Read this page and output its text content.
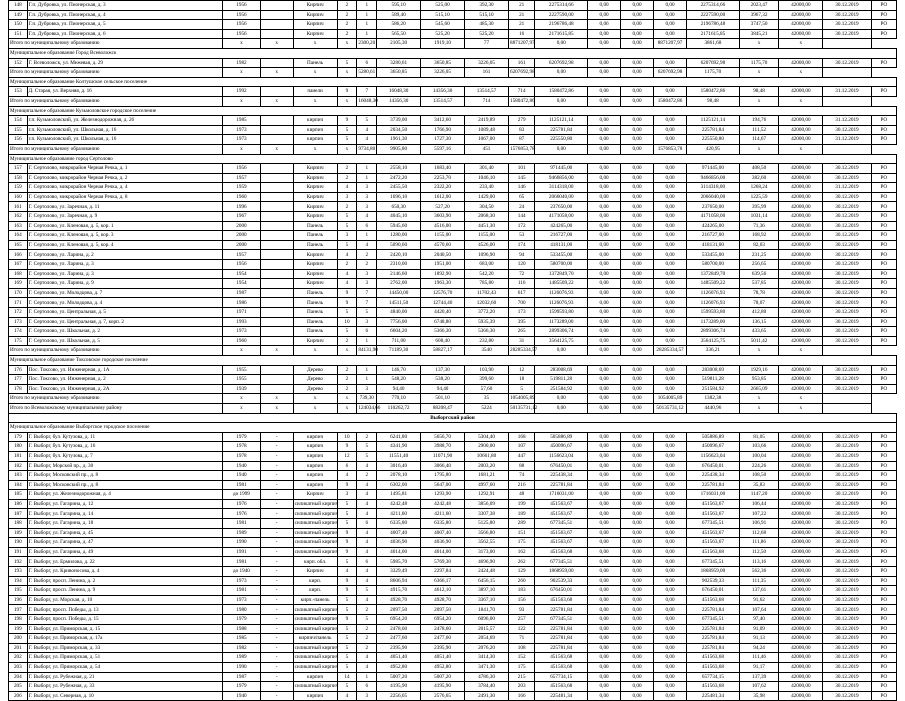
148	Г.п. Дубровка, ул. Пионерская, д. 3	1956		Кирпич	2	1	595,10	525,00	392,30	21	2275314,66	0,00	0,00	0,00	2275314,66	2023,47	42000,00	30.12.2019	РО
149	Г.п. Дубровка, ул. Пионерская, д. 4	1956		Кирпич	2	1	589,40	515,10	515,10	21	2227590,00	0,00	0,00	0,00	2227590,00	3967,32	42000,00	30.12.2019	РО
150	Г.п. Дубровка, ул. Пионерская, д. 5	1956		Кирпич	2	1	586,20	545,60	485,30	21	2196786,48	0,06	0,00	0,00	2196786,48	3747,50	42000,00	30.12.2019	РО
151	Г.п. Дубровка, ул. Пионерская, д. 6	1956		Кирпич	2	1	565,50	525,20	525,20	16	2171615,85	0,00	0,00	0,00	2171615,85	3845,21	42000,00	30.12.2019	РО
Итого по муниципальному образованию		x	x	x	x	2300,20	2105,30	1919,10	77	8871207,97	0,00	0,00	0,00	8871207,97	3861,68	x	x		
Муниципальное образование Город Всеволожск																			
152	Г. Всеволожск, ул. Межевая, д. 29	1982		Панель	5	6	3280,61	3650,85	3226,05	161	6207692,98	0,00	0,00	0,00	6207692,98	1175,70	42000,00	30.12.2019	РО
Итого по муниципальному образованию		x	x	x	x	5280,61	3650,85	3226,05	161	6207692,98	0,00	0,00	0,00	6207692,98	1175,70	x	x		
Муниципальное образование Колтушское сельское поселение																			
153	Д. Старая, ул. Верхняя, д. 16	1992		панели	9	7	16048,30	14356,30	13514,57	714	1580472,86	0,00	0,00	0,00	1580472,86	98,48	42000,00	31.12.2019	РО
Итого по муниципальному образованию		x	x	x	x	16048,30	14356,30	13514,57	714	1580472,86	0,00	0,00	0,00	1580472,86	98,48	x	x		
Муниципальное образование Кузьмоловское городское поселение																			
154	г.п. Кузьмоловский, ул. Железнодорожная, д. 26	1985		кирпич	9	5	3739,00	3412,60	2419,89	279	1125121,14	0,00	0,00	0,00	1125121,14	194,76	42000,00	31.12.2019	РО
155	г.п. Кузьмоловский, ул. Школьная, д. 16	1973		кирпич	5	4	2034,50	1766,90	1089,48	83	225781,84	0,00	0,00	0,00	225781,84	111,52	42000,00	30.12.2019	РО
156	г.п. Кузьмоловский, ул. Школьная, д. 16	1973		кирпич	5	4	1961,30	1727,30	1067,00	87	225550,80	0,00	0,00	0,00	225550,80	114,67	42000,00	31.12.2019	РО
Итого по муниципальному образованию		x	x	x	x	9734,80	9905,80	5597,16	451	1576853,78	0,00	0,00	0,00	1576853,78	420,95	x	x		
Муниципальное образование город Сертолово																			
157	Г. Сертолово, микрорайон Черная Речка, д. 1	1956		Кирпич	2	1	2558,10	1683,40	301,40	101	971445,00	0,00	0,00	0,00	971445,00	408,50	42000,00	30.12.2019	РО
158	Г. Сертолово, микрорайон Черная Речка, д. 2	1957		Кирпич	2	1	2472,20	2253,70	1046,10	145	9466856,00	0,00	0,00	0,00	9466856,00	382,60	42000,00	30.12.2019	РО
159	Г. Сертолово, микрорайон Черная Речка, д. 4	1959		Кирпич	4	3	2455,50	2322,20	233,40	146	3114318,00	0,00	0,00	0,00	3114318,00	1268,24	42000,00	31.12.2019	РО
160	Г. Сертолово, микрорайон Черная Речка, д. 8	1960		Кирпич	3	3	1696,10	1612,00	1429,00	65	2066040,00	0,00	0,00	0,00	2066040,00	1225,59	42000,00	30.12.2019	РО
161	Г. Сертолово, ул. Заречная, д. 11	1996		Кирпич	2	3	650,30	527,20	304,50	24	237650,00	0,00	0,00	0,00	237650,00	395,99	42000,00	30.12.2019	РО
162	Г. Сертолово, ул. Заречная, д. 9	1967		Кирпич	5	4	4045,10	3603,90	2068,30	144	4171058,00	0,00	0,00	0,00	4171058,00	1031,14	42000,00	30.12.2019	РО
163	Г. Сертолово, ул. Кленовая, д. 5, кор. 1	2000		Панель	5	6	5945,60	4516,00	4451,30	172	424265,00	0,00	0,00	0,00	424265,00	71,36	42000,00	30.12.2019	РО
164	Г. Сертолово, ул. Кленовая, д. 5, кор. 3	2000		Панель	3	1	1280,00	1155,00	1155,00	53	216727,00	0,00	0,00	0,00	216727,00	168,92	42000,00	30.12.2019	РО
165	Г. Сертолово, ул. Кленовая, д. 5, кор. 4	2000		Панель	5	4	5090,60	4570,60	4526,00	174	418131,00	0,00	0,00	0,00	418131,00	82,03	42000,00	30.12.2019	РО
166	Г. Сертолово, ул. Ларина, д. 2	1957		Кирпич	4	2	2420,10	2040,50	1096,90	94	533455,00	0,00	0,00	0,00	533455,00	231,25	42000,00	30.12.2019	РО
167	Г. Сертолово, ул. Ларина, д. 3	1956		Кирпич	2	2	2310,00	1951,00	683,00	120	580700,00	0,00	0,00	0,00	580700,00	256,65	42000,00	30.12.2019	РО
168	Г. Сертолово, ул. Ларина, д. 3	1954		Кирпич	4	3	2146,60	1892,90	542,20	72	1372849,70	0,00	0,00	0,00	1372849,70	639,56	42000,00	30.12.2019	РО
169	Г. Сертолово, ул. Ларина, д. 9	1954		Кирпич	4	3	2762,00	1963,30	785,80	116	1485509,22	0,00	0,00	0,00	1485509,22	537,85	42000,00	30.12.2019	РО
170	Г. Сертолово, ул. Молодцова, д. 7	1987		Панель	9	7	14450,00	12576,70	11702,43	617	1126076,93	0,00	0,00	0,00	1126076,93	78,78	42000,00	30.12.2019	РО
171	Г. Сертолово, ул. Молодцова, д. 4	1986		Панель	9	7	14511,50	12744,40	12032,60	700	1126076,93	0,00	0,00	0,00	1126076,93	78,07	42000,00	30.12.2019	РО
172	Г. Сертолово, ул. Центральная, д. 5	1971		Панель	5	5	4840,00	4420,40	3772,20	173	1599593,80	0,00	0,00	0,00	1599593,80	412,80	42000,00	30.12.2019	РО
173	Г. Сертолово, ул. Центральная, д. 7, корп. 2	1993		Панель	10	3	7756,00	6748,80	5935,39	395	1173289,00	0,00	0,00	0,00	1173289,00	136,15	42000,00	30.12.2019	РО
174	Г. Сертолово, ул. Школьная, д. 2	1973		Панель	5	6	6604,20	5366,30	5366,30	265	2899306,74	0,00	0,00	0,00	2899306,74	433,65	42000,00	30.12.2019	РО
175	Г. Сертолово, ул. Школьная, д. 5	1960		Кирпич	2	1	711,00	608,40	232,80	31	3564125,75	0,00	0,00	0,00	3564125,75	5011,42	42000,00	30.12.2019	РО
Итого по муниципальному образованию		x	x	x	x	84131,90	71189,30	58827,17	3540	28285334,57	0,00	0,00	0,00	28285334,57	336,21	x	x		
Муниципальное образование Токсовское городское поселение																			
176	Пос. Токсово, ул. Инженерная, д. 1А	1955		Дерево	2	1	146,70	137,30	103,90	12	283008,69	0,00	0,00	0,00	283008,69	1929,16	42000,00	30.12.2019	РО
177	Пос. Токсово, ул. Инженерная, д. 2	1955		Дерево	2	1	548,20	538,20	399,60	18	519811,28	0,00	0,00	0,00	519811,28	953,85	42000,00	30.12.2019	РО
178	Пос. Токсово, ул. Инженерная, д. 2А	1939		Дерево	2	3	94,40	94,40	57,60	5	251584,92	0,00	0,00	0,00	251584,92	2665,09	42000,00	30.12.2019	РО
Итого по муниципальному образованию		x	x	x	x	739,30	770,10	501,10	35	1054005,89	0,00	0,00	0,00	1054005,89	1382,38	x	x		
Итого по Всеволожскому муниципальному району		x	x	x	x	124034,66	110262,72	88208,47	5224	50135731,12	0,00	0,00	0,00	50135731,12	4440,96	x	x		
Выборгский район																			
Муниципальное образование Выборгское городское поселение																			
179	Г. Выборг, бул. Кутузова, д. 11	1979	-	кирпич	10	2	6241,80	5656,70	5304,40	168	505886,89	0,00	0,00	0,00	505886,89	81,05	42000,00	30.12.2019	РО
180	Г. Выборг, бул. Кутузова, д. 16	1978	-	кирпич	9	5	4341,90	3988,70	2900,00	107	450096,67	0,00	0,00	0,00	450096,67	103,66	42000,00	30.12.2019	РО
181	Г. Выборг, бул. Кутузова, д. 7	1978	-	кирпич	12	5	11551,40	11071,90	10661,80	447	1156623,04	0,00	0,00	0,00	1156623,04	100,04	42000,00	30.12.2019	РО
182	Г. Выборг, Морской пр., д. 30	1940	-	кирпич	6	4	3016,40	3066,40	2003,20	88	676450,01	0,00	0,00	0,00	676450,01	224,26	42000,00	30.12.2019	РО
183	Г. Выборг, Московский пр., д. 8	1940	-	кирпич	4	2	2078,10	1795,80	1681,21	74	225438,34	0,00	0,00	0,00	225438,34	108,50	42000,00	30.12.2019	РО
184	Г. Выборг, Московский пр., д. 8	1981	-	кирпич	9	4	6302,00	5647,00	4997,60	216	225781,84	0,00	0,00	0,00	225781,84	35,83	42000,00	30.12.2019	РО
185	Г. Выборг, ул. Железнодорожная, д. 4	до 1999	-	Кирпич	3	4	1495,81	1293,90	1292,91	48	1716031,00	0,00	0,00	0,00	1716031,00	1147,20	42000,00	30.12.2019	РО
186	Г. Выборг, ул. Гагарина, д. 12	1976	-	силикатный кирпич	5	4	4242,48	4242,48	3856,09	199	451563,67	0,00	0,00	0,00	451563,67	106,44	42000,00	30.12.2019	РО
187	Г. Выборг, ул. Гагарина, д. 14	1976	-	силикатный кирпич	5	4	4211,60	4211,60	3307,38	189	451563,67	0,00	0,00	0,00	451563,67	107,22	42000,00	30.12.2019	РО
188	Г. Выборг, ул. Гагарина, д. 18	1981	-	силикатный кирпич	5	6	6335,80	6335,80	5125,80	289	677345,51	0,00	0,00	0,00	677345,51	106,91	42000,00	30.12.2019	РО
189	Г. Выборг, ул. Гагарина, д. 45	1989	-	силикатный кирпич	9	4	4007,40	4007,40	3566,80	151	451563,67	0,00	0,00	0,00	451563,67	112,68	42000,00	30.12.2019	РО
190	Г. Выборг, ул. Гагарина, д. 47	1990	-	силикатный кирпич	9	4	4036,90	4036,90	3562,55	175	451563,67	0,00	0,00	0,00	451563,67	111,86	42000,00	30.12.2019	РО
191	Г. Выборг, ул. Гагарина, д. 49	1991	-	силикатный кирпич	9	4	4014,00	4014,00	3173,00	162	451563,68	0,00	0,00	0,00	451563,68	112,50	42000,00	30.12.2019	РО
192	Г. Выборг, ул. Ермилова, д. 22	1981	-	кирп. обл.	5	6	5985,70	5769,30	4696,90	262	677345,51	0,00	0,00	0,00	677345,51	113,16	42000,00	30.12.2019	РО
193	Г. Выборг, ул. Кривоносова, д. 4	до 1940	-	Кирпич	4	4	3329,49	2297,84	2424,48	129	1868959,00	0,00	0,00	0,00	1868959,00	562,36	42000,00	30.12.2019	РО
194	Г. Выборг, просп. Ленина, д. 2	1973	-	кирп.	9	4	8606,94	6366,17	6456,15	260	902539,33	0,00	0,00	0,00	902539,33	111,35	42000,00	30.12.2019	РО
195	Г. Выборг, просп. Ленина, д. 9	1981	-	кирп.	9	5	4915,70	4612,10	3897,10	183	676450,01	0,00	0,00	0,00	676450,01	137,61	42000,00	30.12.2019	РО
196	Г. Выборг, ул. Морская, д. 10	1973	-	кирп.-панель	5	4	4928,70	4928,70	3367,10	156	451563,68	0,00	0,00	0,00	451563,68	91,62	42000,00	30.12.2019	РО
197	Г. Выборг, просп. Победы, д. 13	1980	-	силикатный кирпич	5	2	2097,50	2097,50	1841,70	93	225781,84	0,00	0,00	0,00	225781,84	107,64	42000,00	30.12.2019	РО
198	Г. Выборг, просп. Победы, д. 15	1979	-	силикатный кирпич	9	5	6954,20	6954,20	6096,00	257	677345,51	0,00	0,00	0,00	677345,51	97,40	42000,00	30.12.2019	РО
199	Г. Выборг, ул. Приморская, д. 15	1988	-	силикатный кирпич	5	2	2478,60	2478,60	2015,57	122	225781,84	0,00	0,00	0,00	225781,84	91,09	42000,00	30.12.2019	РО
200	Г. Выборг, ул. Приморская, д. 17а	1985	-	кирпич/панель	5	2	2477,60	2477,60	2054,69	71	225781,84	0,00	0,00	0,00	225781,84	91,13	42000,00	30.12.2019	РО
201	Г. Выборг, ул. Приморская, д. 33	1982	-	силикатный кирпич	5	2	2395,90	2395,90	2076,20	108	225781,84	0,00	0,00	0,00	225781,84	94,24	42000,00	30.12.2019	РО
202	Г. Выборг, ул. Приморская, д. 51	1989	-	силикатный кирпич	5	4	4051,40	4051,40	3414,30	152	451563,68	0,00	0,00	0,00	451563,68	111,46	42000,00	30.12.2019	РО
203	Г. Выборг, ул. Приморская, д. 54	1990	-	силикатный кирпич	5	4	4952,80	4952,80	3471,30	175	451563,68	0,00	0,00	0,00	451563,68	91,17	42000,00	30.12.2019	РО
204	Г. Выборг, ул. Рубежная, д. 21	1987	-	кирпич	14	1	5007,20	5007,20	4786,30	215	657734,15	0,00	0,00	0,00	657734,15	137,39	42000,00	30.12.2019	РО
205	Г. Выборг, ул. Рубежная, д. 33	1979	-	силикатный кирпич	5	6	4195,90	4195,90	3784,40	203	451563,68	0,00	0,00	0,00	451563,68	107,62	42000,00	30.12.2019	РО
206	Г. Выборг, ул. Северная, д. 10	1940	-	кирпич	4	3	2256,05	2576,65	2491,30	166	225481,34	0,00	0,00	0,00	225481,34	35,98	42000,00	30.12.2019	РО
